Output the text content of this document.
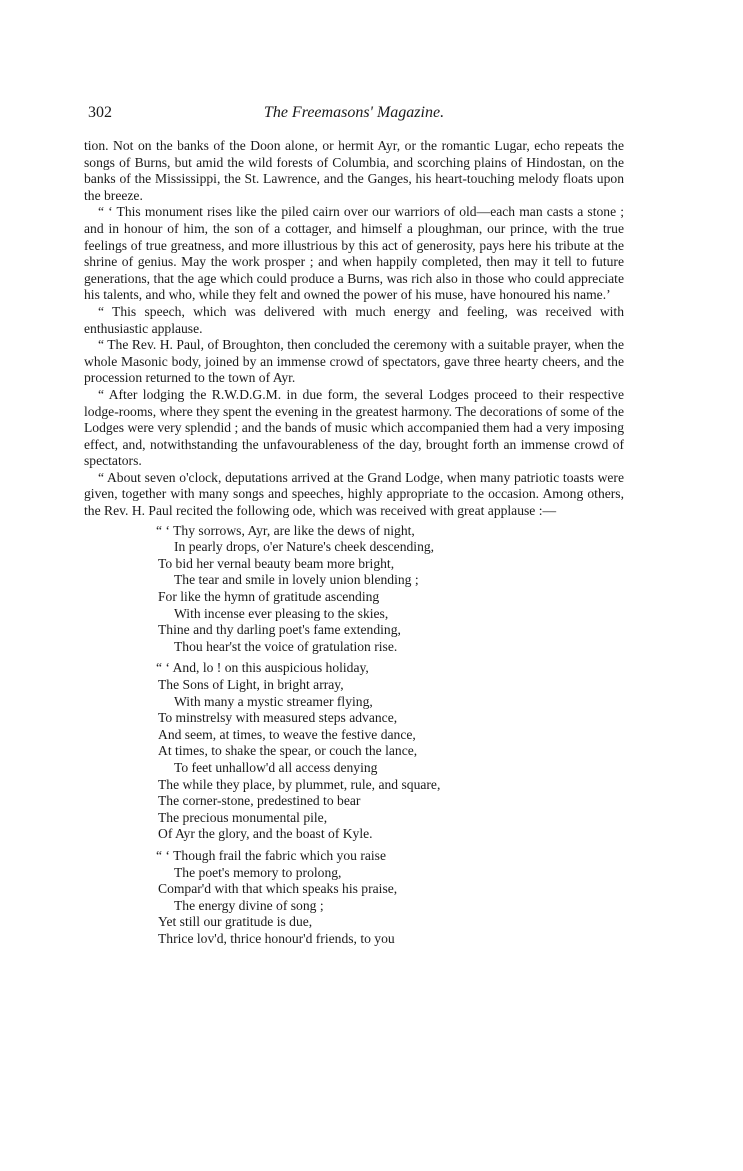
302	The Freemasons' Magazine.

tion. Not on the banks of the Doon alone, or hermit Ayr, or the romantic Lugar, echo repeats the songs of Burns, but amid the wild forests of Columbia, and scorching plains of Hindostan, on the banks of the Mississippi, the St. Lawrence, and the Ganges, his heart-touching melody floats upon the breeze.

“ ‘ This monument rises like the piled cairn over our warriors of old—each man casts a stone ; and in honour of him, the son of a cottager, and himself a ploughman, our prince, with the true feelings of true greatness, and more illustrious by this act of generosity, pays here his tribute at the shrine of genius. May the work prosper ; and when happily completed, then may it tell to future generations, that the age which could produce a Burns, was rich also in those who could appreciate his talents, and who, while they felt and owned the power of his muse, have honoured his name.’

“ This speech, which was delivered with much energy and feeling, was received with enthusiastic applause.

“ The Rev. H. Paul, of Broughton, then concluded the ceremony with a suitable prayer, when the whole Masonic body, joined by an immense crowd of spectators, gave three hearty cheers, and the procession returned to the town of Ayr.

“ After lodging the R.W.D.G.M. in due form, the several Lodges proceed to their respective lodge-rooms, where they spent the evening in the greatest harmony. The decorations of some of the Lodges were very splendid ; and the bands of music which accompanied them had a very imposing effect, and, notwithstanding the unfavourableness of the day, brought forth an immense crowd of spectators.

“ About seven o'clock, deputations arrived at the Grand Lodge, when many patriotic toasts were given, together with many songs and speeches, highly appropriate to the occasion. Among others, the Rev. H. Paul recited the following ode, which was received with great applause :—

“ ‘ Thy sorrows, Ayr, are like the dews of night,
In pearly drops, o'er Nature's cheek descending,
To bid her vernal beauty beam more bright,
The tear and smile in lovely union blending ;
For like the hymn of gratitude ascending
With incense ever pleasing to the skies,
Thine and thy darling poet's fame extending,
Thou hear'st the voice of gratulation rise.
“ ‘ And, lo ! on this auspicious holiday,
The Sons of Light, in bright array,
With many a mystic streamer flying,
To minstrelsy with measured steps advance,
And seem, at times, to weave the festive dance,
At times, to shake the spear, or couch the lance,
To feet unhallow'd all access denying
The while they place, by plummet, rule, and square,
The corner-stone, predestined to bear
The precious monumental pile,
Of Ayr the glory, and the boast of Kyle.
“ ‘ Though frail the fabric which you raise
The poet's memory to prolong,
Compar'd with that which speaks his praise,
The energy divine of song ;
Yet still our gratitude is due,
Thrice lov'd, thrice honour'd friends, to you
